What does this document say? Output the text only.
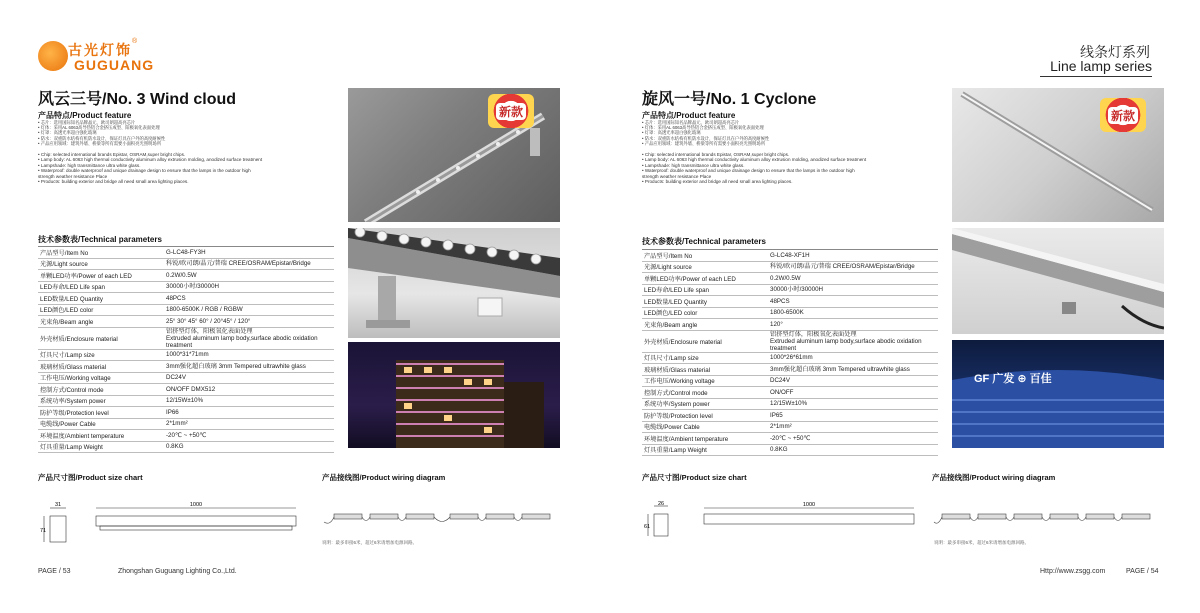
古光灯饰
®
GUGUANG
风云三号/No. 3 Wind cloud
产品特点/Product feature
• 芯片：选用国际知名品牌晶元、欧司朗超高亮芯片
• 灯体：采用AL 6063高导热铝合金挤压成型、阳极氧化表面处理
• 灯罩：高透光率超白强化玻璃
• 防水：双重防水结构有机防水设计，保证灯具在户外的高度耐候性
• 产品应用领域：建筑外墙、桥梁等所有需要小面积亮光照明场所
• Chip: selected international brands Epistar, OSRAM,super bright chips.
• Lamp body: AL 6063 high thermal conductivity aluminum alloy extrusion molding, anodized surface treatment
• Lampshade: high transmittance ultra white glass.
• Waterproof: double waterproof and unique drainage design to ensure that the lamps in the outdoor high
strength weather resistance Place
• Products: building exterior and bridge all need small area lighting places.
新款
技术参数表/Technical parameters
产品型号/Item No	G-LC48-FY3H
光源/Light source	科锐/欧司朗/晶元/普瑞 CREE/OSRAM/Epistar/Bridge
单颗LED功率/Power of each LED	0.2W/0.5W
LED寿命/LED Life span	30000小时/30000H
LED数量/LED Quantity	48PCS
LED颜色/LED color	1800-6500K / RGB / RGBW
光束角/Beam angle	25° 30° 45° 60° / 20°45° / 120°
外壳材质/Enclosure material	铝挤型灯体，阳极氧化表面处理
Extruded aluminum lamp body,surface abodic oxidation treatment
灯具尺寸/Lamp size	1000*31*71mm
玻璃材质/Glass material	3mm强化超白玻璃 3mm Tempered ultrawhite glass
工作电压/Working voltage	DC24V
控制方式/Control mode	ON/OFF DMX512
系统功率/System power	12/15W±10%
防护等级/Protection level	IP66
电缆线/Power Cable	2*1mm²
环境温度/Ambient temperature	-20℃ ~ +50℃
灯具重量/Lamp Weight	0.8KG
产品尺寸图/Product size chart	产品接线图/Product wiring diagram
31
71
1000
说明：最多串接6米，超过6米请增加电源回路。
PAGE / 53	Zhongshan Guguang Lighting Co.,Ltd.
线条灯系列
Line lamp series
旋风一号/No. 1 Cyclone
产品特点/Product feature
• 芯片：选用国际知名品牌晶元、欧司朗超高亮芯片
• 灯体：采用AL 6063高导热铝合金挤压成型、阳极氧化表面处理
• 灯罩：高透光率超白强化玻璃
• 防水：双重防水结构有机防水设计，保证灯具在户外的高度耐候性
• 产品应用领域：建筑外墙、桥梁等所有需要小面积亮光照明场所
• Chip: selected international brands Epistar, OSRAM,super bright chips.
• Lamp body: AL 6063 high thermal conductivity aluminum alloy extrusion molding, anodized surface treatment
• Lampshade: high transmittance ultra white glass.
• Waterproof: double waterproof and unique drainage design to ensure that the lamps in the outdoor high
strength weather resistance Place
• Products: building exterior and bridge all need small area lighting places.
新款
GF 广发 ⊕ 百佳
技术参数表/Technical parameters
产品型号/Item No	G-LC48-XF1H
光源/Light source	科锐/欧司朗/晶元/普瑞 CREE/OSRAM/Epistar/Bridge
单颗LED功率/Power of each LED	0.2W/0.5W
LED寿命/LED Life span	30000小时/30000H
LED数量/LED Quantity	48PCS
LED颜色/LED color	1800-6500K
光束角/Beam angle	120°
外壳材质/Enclosure material	铝挤型灯体，阳极氧化表面处理
Extruded aluminum lamp body,surface abodic oxidation treatment
灯具尺寸/Lamp size	1000*26*61mm
玻璃材质/Glass material	3mm强化超白玻璃 3mm Tempered ultrawhite glass
工作电压/Working voltage	DC24V
控制方式/Control mode	ON/OFF
系统功率/System power	12/15W±10%
防护等级/Protection level	IP65
电缆线/Power Cable	2*1mm²
环境温度/Ambient temperature	-20℃ ~ +50℃
灯具重量/Lamp Weight	0.8KG
产品尺寸图/Product size chart	产品接线图/Product wiring diagram
26
61
1000
说明：最多串接6米，超过6米请增加电源回路。
Http://www.zsgg.com	PAGE / 54
